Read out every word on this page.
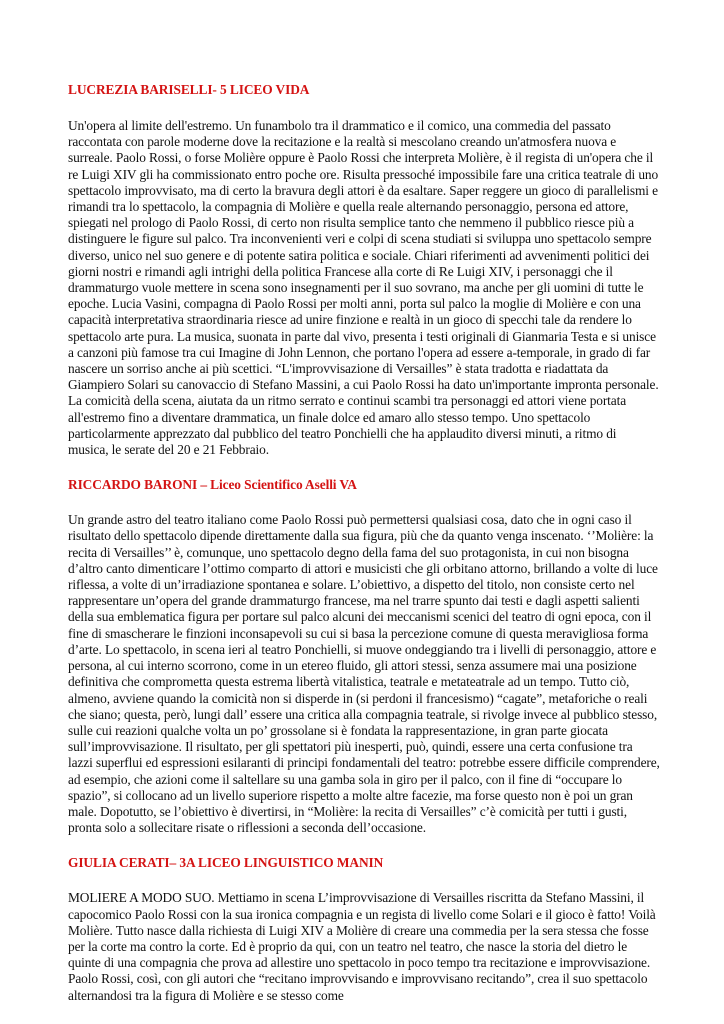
LUCREZIA BARISELLI- 5 LICEO VIDA

Un'opera al limite dell'estremo. Un funambolo tra il drammatico e il comico, una commedia del passato raccontata con parole moderne dove la recitazione e la realtà si mescolano creando un'atmosfera nuova e surreale. Paolo Rossi, o forse Molière oppure è Paolo Rossi che interpreta Molière, è il regista di un'opera che il re Luigi XIV gli ha commissionato entro poche ore. Risulta pressoché impossibile fare una critica teatrale di uno spettacolo improvvisato, ma di certo la bravura degli attori è da esaltare. Saper reggere un gioco di parallelismi e rimandi tra lo spettacolo, la compagnia di Molière e quella reale alternando personaggio, persona ed attore, spiegati nel prologo di Paolo Rossi, di certo non risulta semplice tanto che nemmeno il pubblico riesce più a distinguere le figure sul palco. Tra inconvenienti veri e colpi di scena studiati si sviluppa uno spettacolo sempre diverso, unico nel suo genere e di potente satira politica e sociale. Chiari riferimenti ad avvenimenti politici dei giorni nostri e rimandi agli intrighi della politica Francese alla corte di Re Luigi XIV, i personaggi che il drammaturgo vuole mettere in scena sono insegnamenti per il suo sovrano, ma anche per gli uomini di tutte le epoche. Lucia Vasini, compagna di Paolo Rossi per molti anni, porta sul palco la moglie di Molière e con una capacità interpretativa straordinaria riesce ad unire finzione e realtà in un gioco di specchi tale da rendere lo spettacolo arte pura. La musica, suonata in parte dal vivo, presenta i testi originali di Gianmaria Testa e si unisce a canzoni più famose tra cui Imagine di John Lennon, che portano l'opera ad essere a-temporale, in grado di far nascere un sorriso anche ai più scettici. “L'improvvisazione di Versailles” è stata tradotta e riadattata da Giampiero Solari su canovaccio di Stefano Massini, a cui Paolo Rossi ha dato un'importante impronta personale. La comicità della scena, aiutata da un ritmo serrato e continui scambi tra personaggi ed attori viene portata all'estremo fino a diventare drammatica, un finale dolce ed amaro allo stesso tempo. Uno spettacolo particolarmente apprezzato dal pubblico del teatro Ponchielli che ha applaudito diversi minuti, a ritmo di musica, le serate del 20 e 21 Febbraio.

RICCARDO BARONI – Liceo Scientifico Aselli VA

Un grande astro del teatro italiano come Paolo Rossi può permettersi qualsiasi cosa, dato che in ogni caso il risultato dello spettacolo dipende direttamente dalla sua figura, più che da quanto venga inscenato. ‘’Molière: la recita di Versailles’’ è, comunque, uno spettacolo degno della fama del suo protagonista, in cui non bisogna d’altro canto dimenticare l’ottimo comparto di attori e musicisti che gli orbitano attorno, brillando a volte di luce riflessa, a volte di un’irradiazione spontanea e solare. L’obiettivo, a dispetto del titolo, non consiste certo nel rappresentare un’opera del grande drammaturgo francese, ma nel trarre spunto dai testi e dagli aspetti salienti della sua emblematica figura per portare sul palco alcuni dei meccanismi scenici del teatro di ogni epoca, con il fine di smascherare le finzioni inconsapevoli su cui si basa la percezione comune di questa meravigliosa forma d’arte. Lo spettacolo, in scena ieri al teatro Ponchielli, si muove ondeggiando tra i livelli di personaggio, attore e persona, al cui interno scorrono, come in un etereo fluido, gli attori stessi, senza assumere mai una posizione definitiva che comprometta questa estrema libertà vitalistica, teatrale e metateatrale ad un tempo. Tutto ciò, almeno, avviene quando la comicità non si disperde in (si perdoni il francesismo) “cagate”, metaforiche o reali che siano; questa, però, lungi dall’ essere una critica alla compagnia teatrale, si rivolge invece al pubblico stesso, sulle cui reazioni qualche volta un po’ grossolane si è fondata la rappresentazione, in gran parte giocata sull’improvvisazione. Il risultato, per gli spettatori più inesperti, può, quindi, essere una certa confusione tra lazzi superflui ed espressioni esilaranti di principi fondamentali del teatro: potrebbe essere difficile comprendere, ad esempio, che azioni come il saltellare su una gamba sola in giro per il palco, con il fine di “occupare lo spazio”, si collocano ad un livello superiore rispetto a molte altre facezie, ma forse questo non è poi un gran male. Dopotutto, se l’obiettivo è divertirsi, in “Molière: la recita di Versailles” c’è comicità per tutti i gusti, pronta solo a sollecitare risate o riflessioni a seconda dell’occasione.

GIULIA CERATI– 3A LICEO LINGUISTICO MANIN

MOLIERE A MODO SUO. Mettiamo in scena L’improvvisazione di Versailles riscritta da Stefano Massini, il capocomico Paolo Rossi con la sua ironica compagnia e un regista di livello come Solari e il gioco è fatto! Voilà Molière. Tutto nasce dalla richiesta di Luigi XIV a Molière di creare una commedia per la sera stessa che fosse per la corte ma contro la corte. Ed è proprio da qui, con un teatro nel teatro, che nasce la storia del dietro le quinte di una compagnia che prova ad allestire uno spettacolo in poco tempo tra recitazione e improvvisazione. Paolo Rossi, così, con gli autori che “recitano improvvisando e improvvisano recitando”, crea il suo spettacolo alternandosi tra la figura di Molière e se stesso come
